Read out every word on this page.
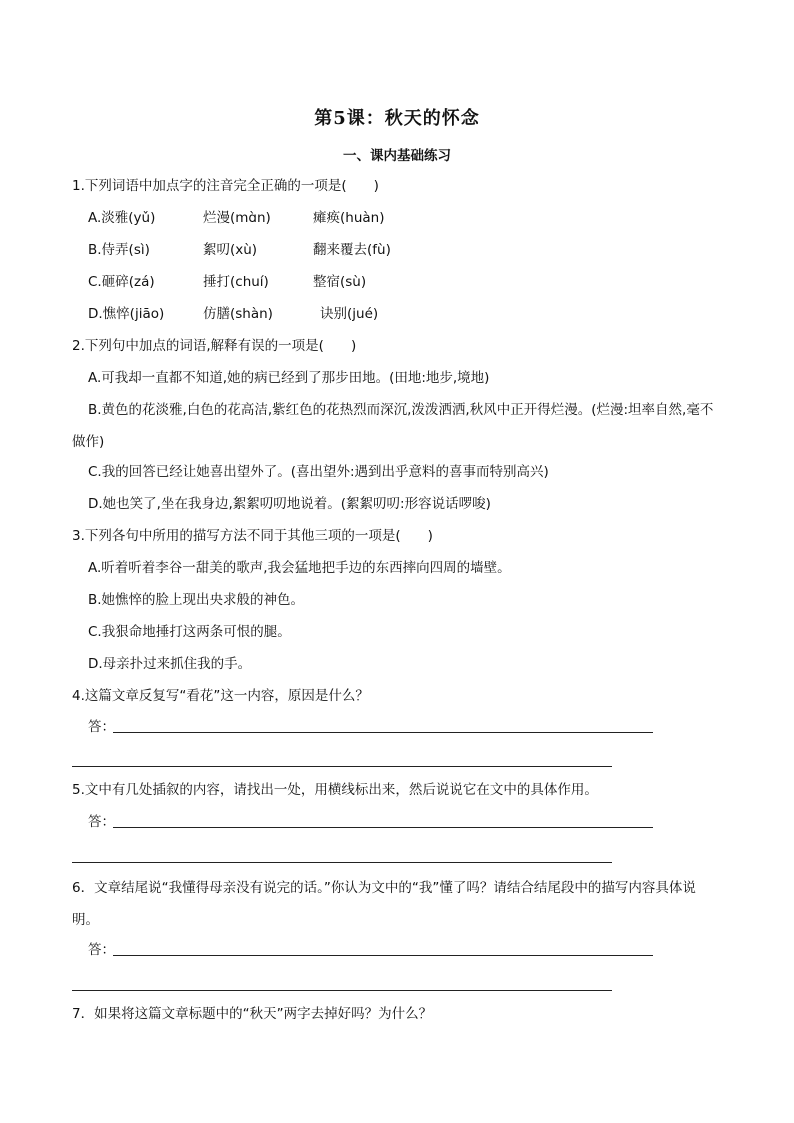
第5课：秋天的怀念
一、课内基础练习
1.下列词语中加点字的注音完全正确的一项是(　　)
A.淡雅(yǔ)	烂漫(mɑ̀n)	瘫痪(huàn)
B.侍弄(sì)	絮叨(xù)	翻来覆去(fù)
C.砸碎(zá)	捶打(chuí)	整宿(sù)
D.憔悴(jiāo)	仿膳(shàn)	诀别(jué)
2.下列句中加点的词语,解释有误的一项是(　　)
A.可我却一直都不知道,她的病已经到了那步田地。(田地:地步,境地)
B.黄色的花淡雅,白色的花高洁,紫红色的花热烈而深沉,泼泼洒洒,秋风中正开得烂漫。(烂漫:坦率自然,毫不做作)
C.我的回答已经让她喜出望外了。(喜出望外:遇到出乎意料的喜事而特别高兴)
D.她也笑了,坐在我身边,絮絮叨叨地说着。(絮絮叨叨:形容说话啰唆)
3.下列各句中所用的描写方法不同于其他三项的一项是(　　)
A.听着听着李谷一甜美的歌声,我会猛地把手边的东西摔向四周的墙壁。
B.她憔悴的脸上现出央求般的神色。
C.我狠命地捶打这两条可恨的腿。
D.母亲扑过来抓住我的手。
4.这篇文章反复写“看花”这一内容，原因是什么？
答：
5.文中有几处插叙的内容，请找出一处，用横线标出来，然后说说它在文中的具体作用。
答：
6．文章结尾说“我懂得母亲没有说完的话。”你认为文中的“我”懂了吗？请结合结尾段中的描写内容具体说明。
答：
7．如果将这篇文章标题中的“秋天”两字去掉好吗？为什么？
